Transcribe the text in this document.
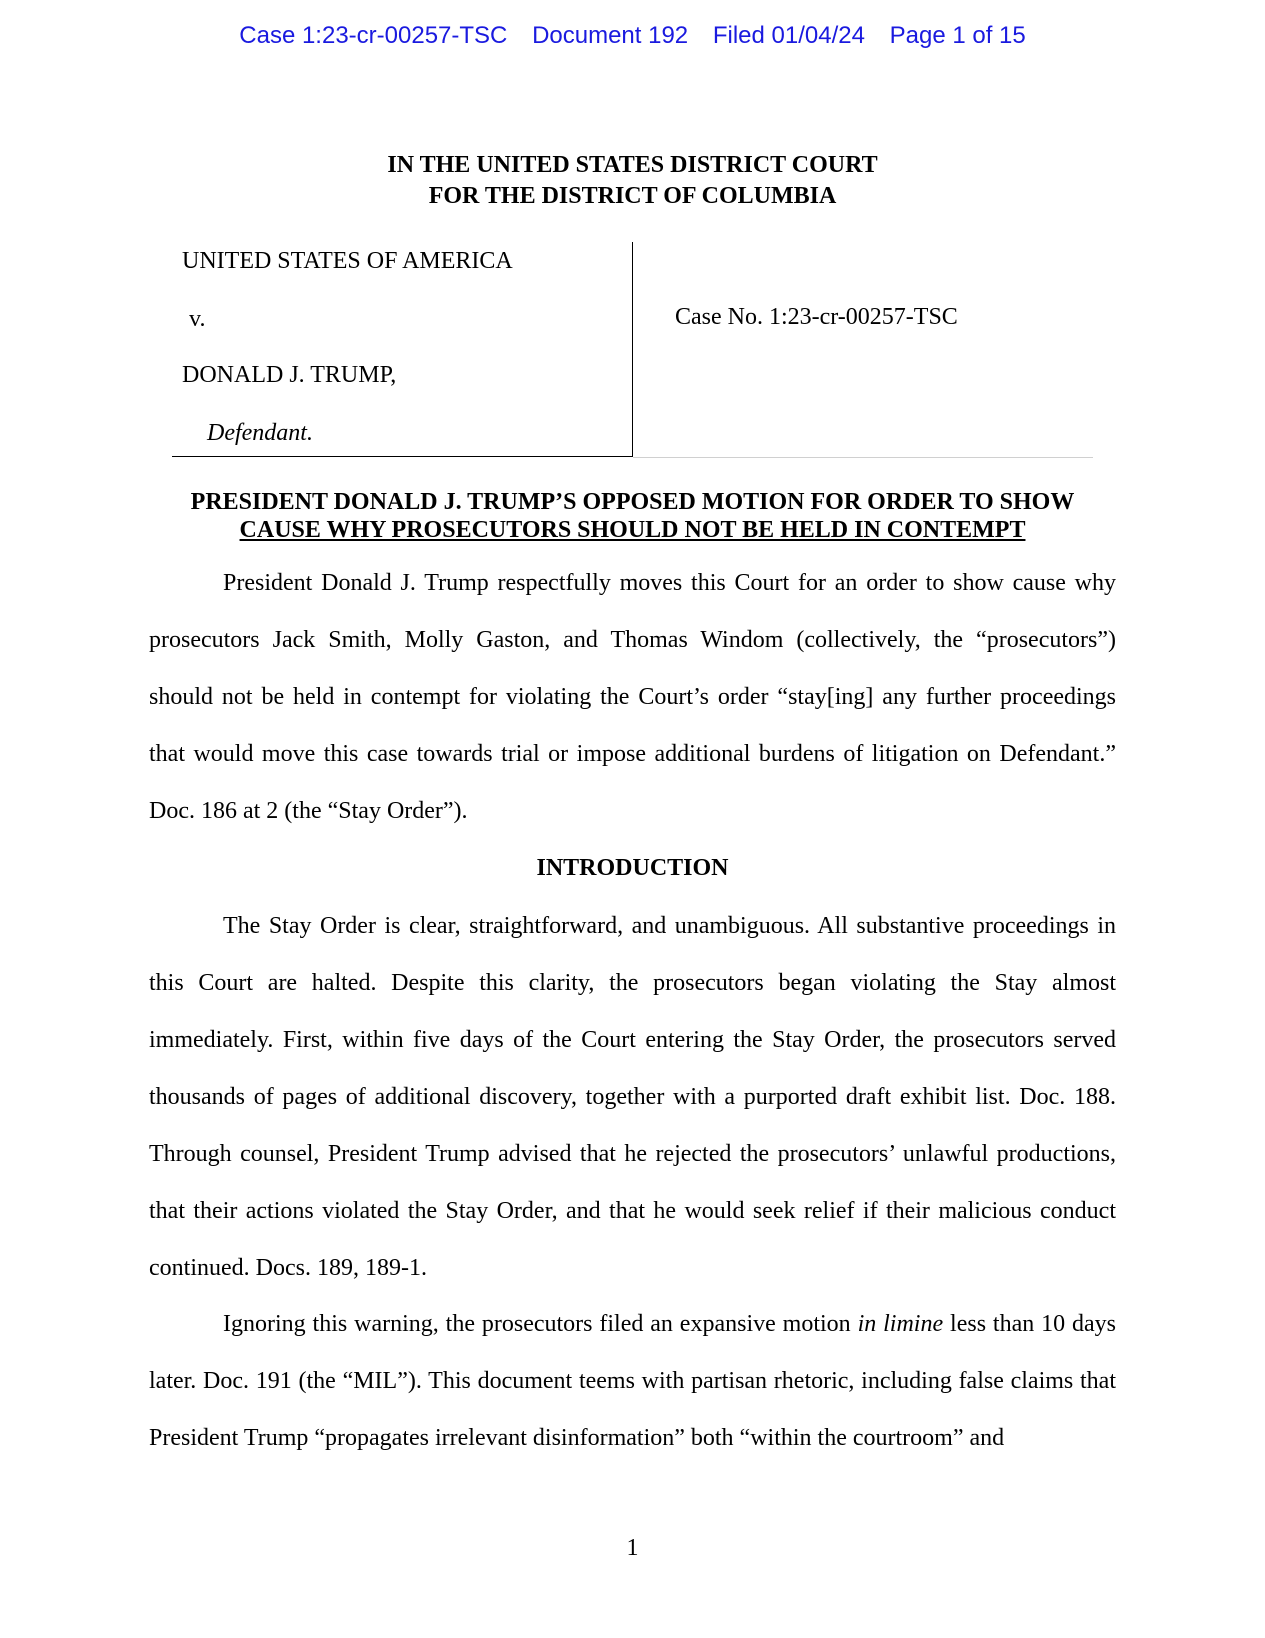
Case 1:23-cr-00257-TSC Document 192 Filed 01/04/24 Page 1 of 15
IN THE UNITED STATES DISTRICT COURT
FOR THE DISTRICT OF COLUMBIA
UNITED STATES OF AMERICA
v.
DONALD J. TRUMP,
Defendant.
Case No. 1:23-cr-00257-TSC
PRESIDENT DONALD J. TRUMP’S OPPOSED MOTION FOR ORDER TO SHOW
CAUSE WHY PROSECUTORS SHOULD NOT BE HELD IN CONTEMPT

President Donald J. Trump respectfully moves this Court for an order to show cause why prosecutors Jack Smith, Molly Gaston, and Thomas Windom (collectively, the “prosecutors”) should not be held in contempt for violating the Court’s order “stay[ing] any further proceedings that would move this case towards trial or impose additional burdens of litigation on Defendant.” Doc. 186 at 2 (the “Stay Order”).

INTRODUCTION

The Stay Order is clear, straightforward, and unambiguous. All substantive proceedings in this Court are halted. Despite this clarity, the prosecutors began violating the Stay almost immediately. First, within five days of the Court entering the Stay Order, the prosecutors served thousands of pages of additional discovery, together with a purported draft exhibit list. Doc. 188. Through counsel, President Trump advised that he rejected the prosecutors’ unlawful productions, that their actions violated the Stay Order, and that he would seek relief if their malicious conduct continued. Docs. 189, 189-1.

Ignoring this warning, the prosecutors filed an expansive motion in limine less than 10 days later. Doc. 191 (the “MIL”). This document teems with partisan rhetoric, including false claims that President Trump “propagates irrelevant disinformation” both “within the courtroom” and

1
